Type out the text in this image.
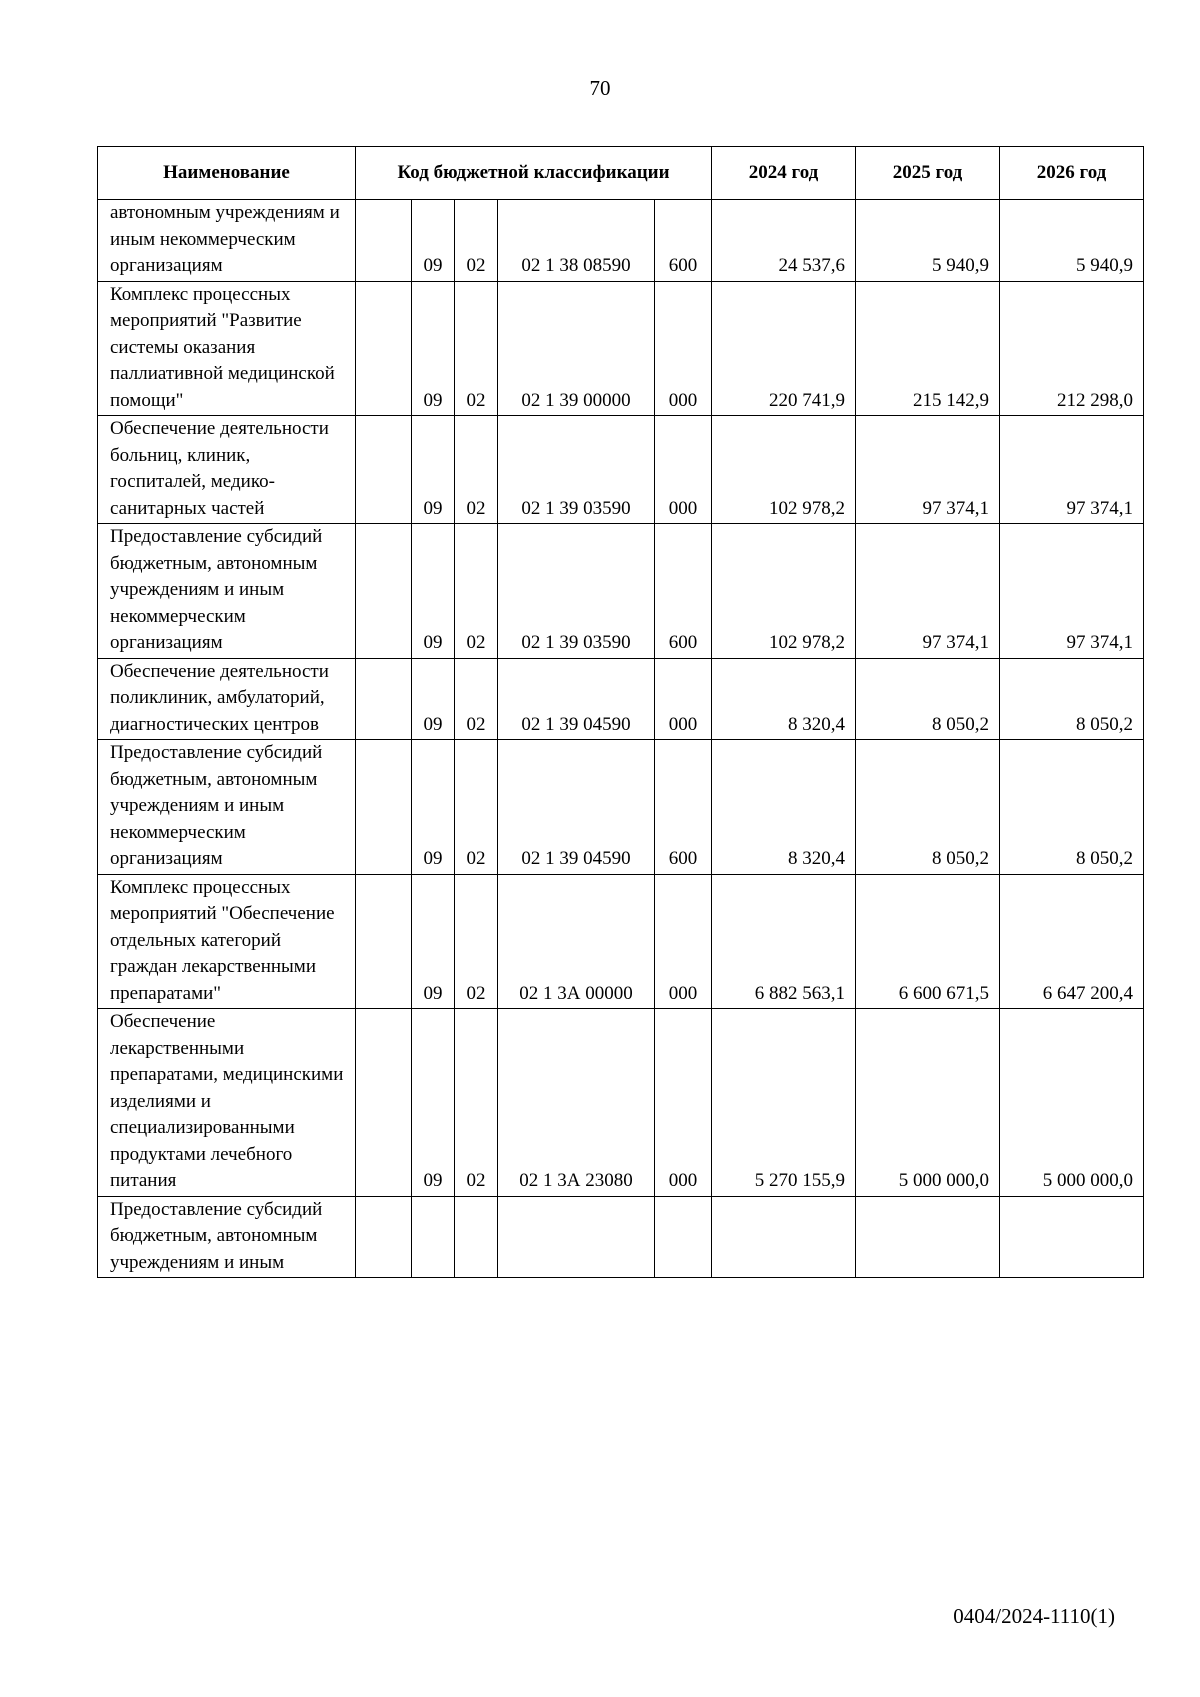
70
Наименование	Код бюджетной классификации					2024 год	2025 год	2026 год
автономным учреждениям и иным некоммерческим организациям		09	02	02 1 38 08590	600	24 537,6	5 940,9	5 940,9
Комплекс процессных мероприятий "Развитие системы оказания паллиативной медицинской помощи"		09	02	02 1 39 00000	000	220 741,9	215 142,9	212 298,0
Обеспечение деятельности больниц, клиник, госпиталей, медико-санитарных частей		09	02	02 1 39 03590	000	102 978,2	97 374,1	97 374,1
Предоставление субсидий бюджетным, автономным учреждениям и иным некоммерческим организациям		09	02	02 1 39 03590	600	102 978,2	97 374,1	97 374,1
Обеспечение деятельности поликлиник, амбулаторий, диагностических центров		09	02	02 1 39 04590	000	8 320,4	8 050,2	8 050,2
Предоставление субсидий бюджетным, автономным учреждениям и иным некоммерческим организациям		09	02	02 1 39 04590	600	8 320,4	8 050,2	8 050,2
Комплекс процессных мероприятий "Обеспечение отдельных категорий граждан лекарственными препаратами"		09	02	02 1 3А 00000	000	6 882 563,1	6 600 671,5	6 647 200,4
Обеспечение лекарственными препаратами, медицинскими изделиями и специализированными продуктами лечебного питания		09	02	02 1 3А 23080	000	5 270 155,9	5 000 000,0	5 000 000,0
Предоставление субсидий бюджетным, автономным учреждениям и иным								
0404/2024-1110(1)
